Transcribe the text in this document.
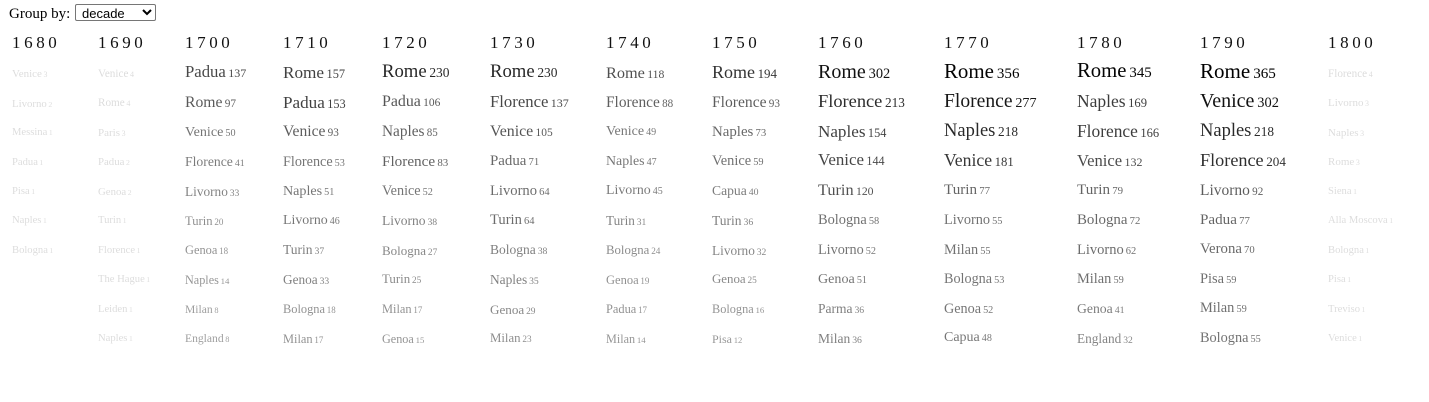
Group by:
decade
1680
Venice 3
Livorno 2
Messina 1
Padua 1
Pisa 1
Naples 1
Bologna 1
1690
Venice 4
Rome 4
Paris 3
Padua 2
Genoa 2
Turin 1
Florence 1
The Hague 1
Leiden 1
Naples 1
1700
Padua 137
Rome 97
Venice 50
Florence 41
Livorno 33
Turin 20
Genoa 18
Naples 14
Milan 8
England 8
1710
Rome 157
Padua 153
Venice 93
Florence 53
Naples 51
Livorno 46
Turin 37
Genoa 33
Bologna 18
Milan 17
1720
Rome 230
Padua 106
Naples 85
Florence 83
Venice 52
Livorno 38
Bologna 27
Turin 25
Milan 17
Genoa 15
1730
Rome 230
Florence 137
Venice 105
Padua 71
Livorno 64
Turin 64
Bologna 38
Naples 35
Genoa 29
Milan 23
1740
Rome 118
Florence 88
Venice 49
Naples 47
Livorno 45
Turin 31
Bologna 24
Genoa 19
Padua 17
Milan 14
1750
Rome 194
Florence 93
Naples 73
Venice 59
Capua 40
Turin 36
Livorno 32
Genoa 25
Bologna 16
Pisa 12
1760
Rome 302
Florence 213
Naples 154
Venice 144
Turin 120
Bologna 58
Livorno 52
Genoa 51
Parma 36
Milan 36
1770
Rome 356
Florence 277
Naples 218
Venice 181
Turin 77
Livorno 55
Milan 55
Bologna 53
Genoa 52
Capua 48
1780
Rome 345
Naples 169
Florence 166
Venice 132
Turin 79
Bologna 72
Livorno 62
Milan 59
Genoa 41
England 32
1790
Rome 365
Venice 302
Naples 218
Florence 204
Livorno 92
Padua 77
Verona 70
Pisa 59
Milan 59
Bologna 55
1800
Florence 4
Livorno 3
Naples 3
Rome 3
Siena 1
Alla Moscova 1
Bologna 1
Pisa 1
Treviso 1
Venice 1
